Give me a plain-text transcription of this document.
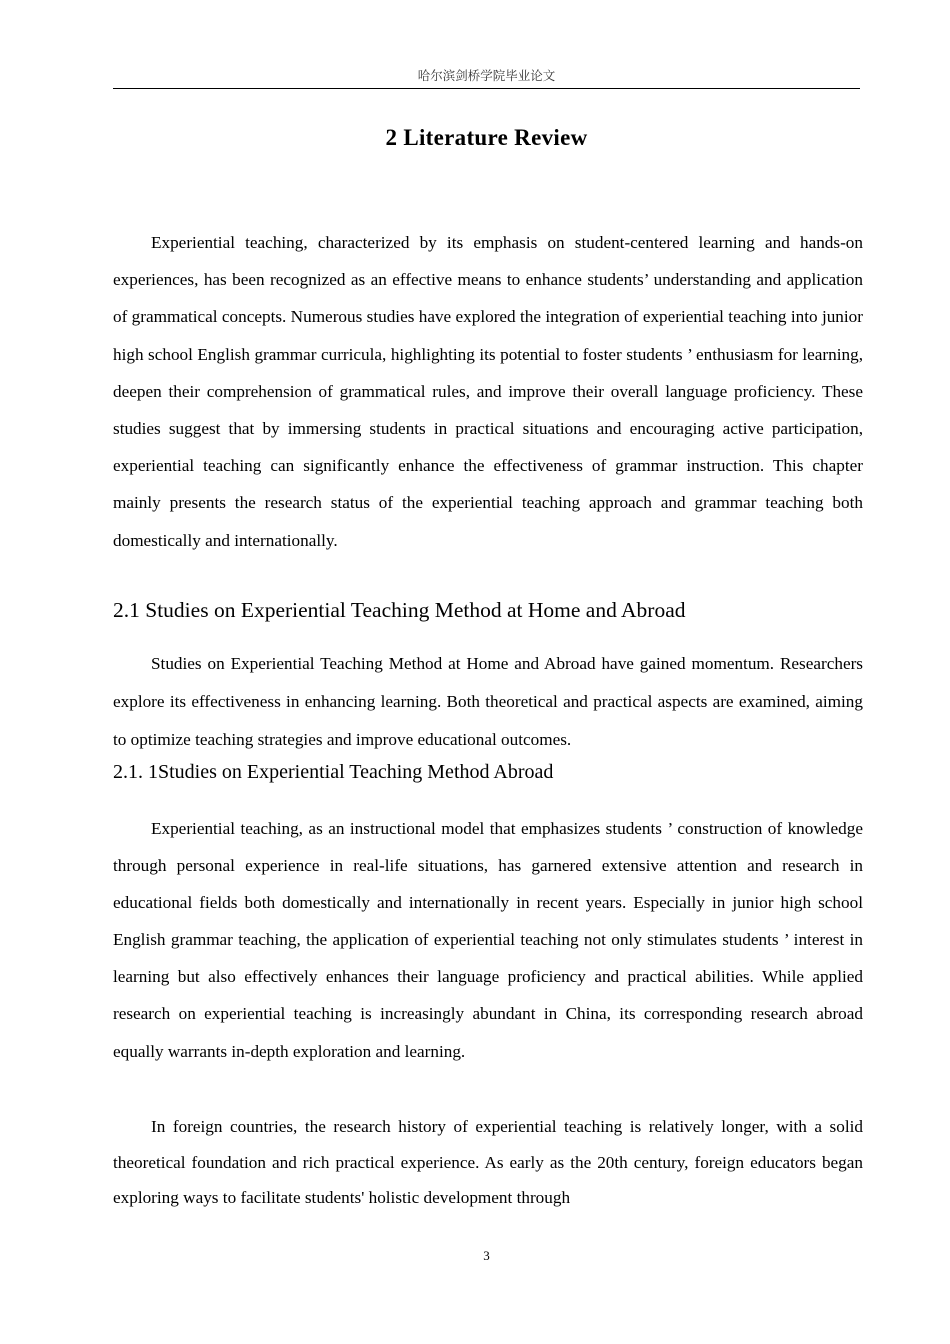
哈尔滨剑桥学院毕业论文
2 Literature Review

Experiential teaching, characterized by its emphasis on student-centered learning and hands-on experiences, has been recognized as an effective means to enhance students’ understanding and application of grammatical concepts. Numerous studies have explored the integration of experiential teaching into junior high school English grammar curricula, highlighting its potential to foster students ’ enthusiasm for learning, deepen their comprehension of grammatical rules, and improve their overall language proficiency. These studies suggest that by immersing students in practical situations and encouraging active participation, experiential teaching can significantly enhance the effectiveness of grammar instruction. This chapter mainly presents the research status of the experiential teaching approach and grammar teaching both domestically and internationally.

2.1 Studies on Experiential Teaching Method at Home and Abroad

Studies on Experiential Teaching Method at Home and Abroad have gained momentum. Researchers explore its effectiveness in enhancing learning. Both theoretical and practical aspects are examined, aiming to optimize teaching strategies and improve educational outcomes.

2.1. 1Studies on Experiential Teaching Method Abroad

Experiential teaching, as an instructional model that emphasizes students ’ construction of knowledge through personal experience in real-life situations, has garnered extensive attention and research in educational fields both domestically and internationally in recent years. Especially in junior high school English grammar teaching, the application of experiential teaching not only stimulates students ’ interest in learning but also effectively enhances their language proficiency and practical abilities. While applied research on experiential teaching is increasingly abundant in China, its corresponding research abroad equally warrants in-depth exploration and learning.

In foreign countries, the research history of experiential teaching is relatively longer, with a solid theoretical foundation and rich practical experience. As early as the 20th century, foreign educators began exploring ways to facilitate students' holistic development through

3
